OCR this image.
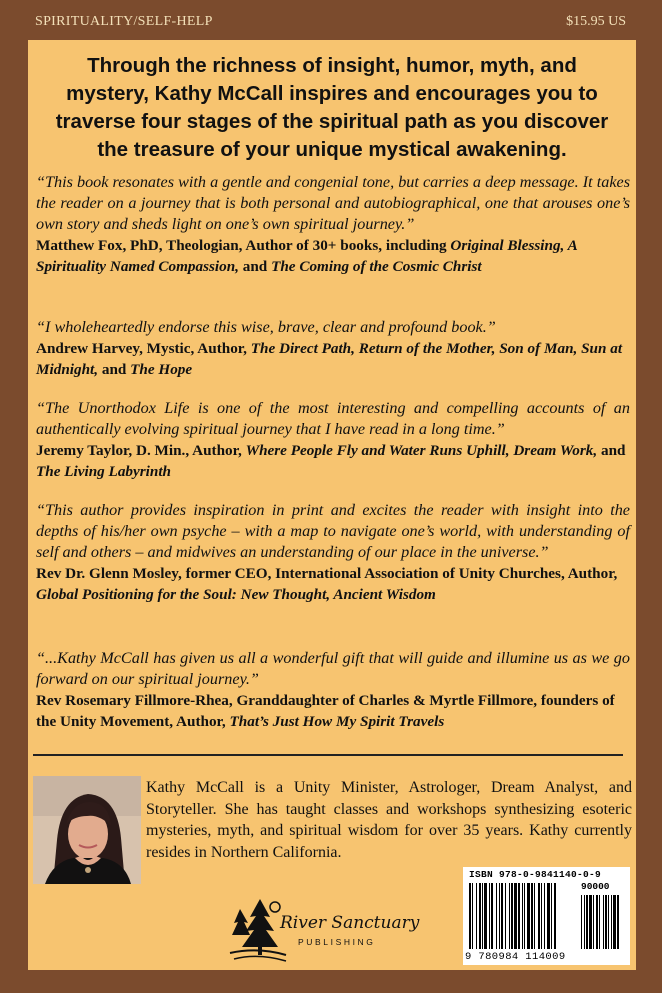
SPIRITUALITY/SELF-HELP	$15.95 US
Through the richness of insight, humor, myth, and
mystery, Kathy McCall inspires and encourages you to
traverse four stages of the spiritual path as you discover
the treasure of your unique mystical awakening.
“This book resonates with a gentle and congenial tone, but carries a deep message. It takes the reader on a journey that is both personal and autobiographical, one that arouses one’s own story and sheds light on one’s own spiritual journey.”
Matthew Fox, PhD, Theologian, Author of 30+ books, including Original Blessing, A Spirituality Named Compassion, and The Coming of the Cosmic Christ
“I wholeheartedly endorse this wise, brave, clear and profound book.”
Andrew Harvey, Mystic, Author, The Direct Path, Return of the Mother, Son of Man, Sun at Midnight, and The Hope
“The Unorthodox Life is one of the most interesting and compelling accounts of an authentically evolving spiritual journey that I have read in a long time.”
Jeremy Taylor, D. Min., Author, Where People Fly and Water Runs Uphill, Dream Work, and The Living Labyrinth
“This author provides inspiration in print and excites the reader with insight into the depths of his/her own psyche – with a map to navigate one’s world, with understanding of self and others – and midwives an understanding of our place in the universe.”
Rev Dr. Glenn Mosley, former CEO, International Association of Unity Churches, Author, Global Positioning for the Soul: New Thought, Ancient Wisdom
“...Kathy McCall has given us all a wonderful gift that will guide and illumine us as we go forward on our spiritual journey.”
Rev Rosemary Fillmore-Rhea, Granddaughter of Charles & Myrtle Fillmore, founders of the Unity Movement, Author, That’s Just How My Spirit Travels
Kathy McCall is a Unity Minister, Astrologer, Dream Analyst, and Storyteller. She has taught classes and workshops synthesizing esoteric mysteries, myth, and spiritual wisdom for over 35 years. Kathy currently resides in Northern California.
River Sanctuary
PUBLISHING
ISBN 978-0-9841140-0-9
90000
9 780984 114009
